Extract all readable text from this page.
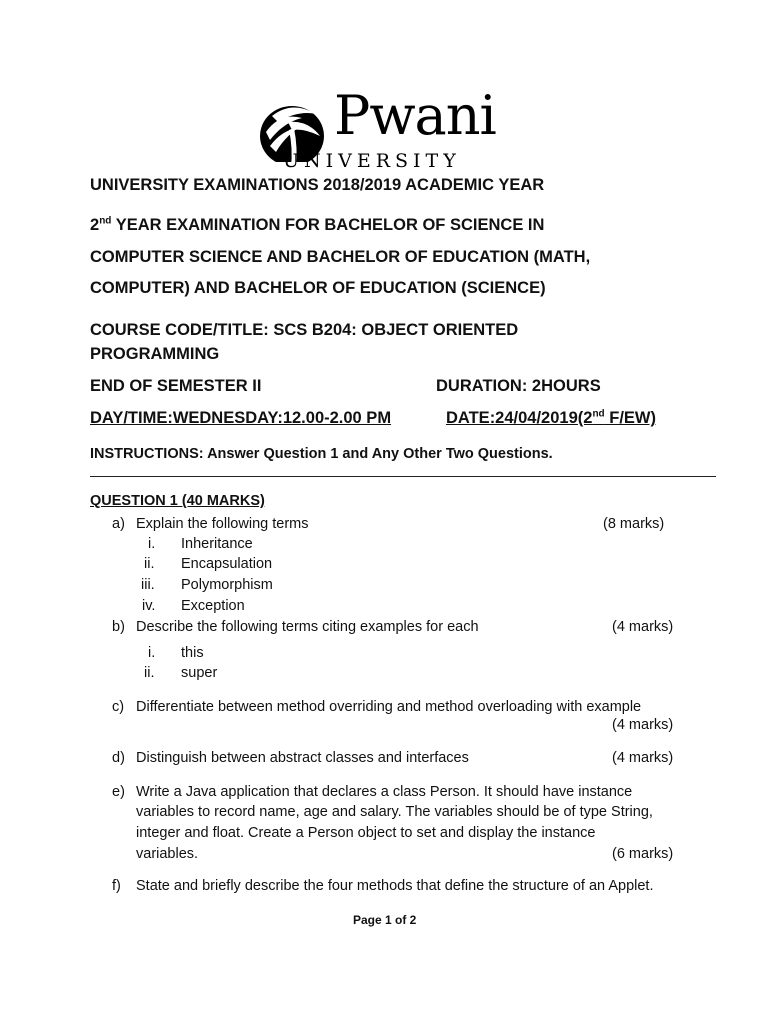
Pwani
UNIVERSITY
UNIVERSITY EXAMINATIONS 2018/2019 ACADEMIC YEAR
2nd YEAR EXAMINATION FOR BACHELOR OF SCIENCE IN
COMPUTER SCIENCE AND BACHELOR OF EDUCATION (MATH,
COMPUTER) AND BACHELOR OF EDUCATION (SCIENCE)
COURSE CODE/TITLE: SCS B204: OBJECT ORIENTED
PROGRAMMING
END OF SEMESTER II	DURATION: 2HOURS
DAY/TIME:WEDNESDAY:12.00-2.00 PM	DATE:24/04/2019(2nd F/EW)
INSTRUCTIONS: Answer Question 1 and Any Other Two Questions.
QUESTION 1 (40 MARKS)
a) Explain the following terms	(8 marks)
i. Inheritance
ii. Encapsulation
iii. Polymorphism
iv. Exception
b) Describe the following terms citing examples for each	(4 marks)
i. this
ii. super
c) Differentiate between method overriding and method overloading with example
(4 marks)
d) Distinguish between abstract classes and interfaces	(4 marks)
e) Write a Java application that declares a class Person. It should have instance
variables to record name, age and salary. The variables should be of type String,
integer and float. Create a Person object to set and display the instance
variables.	(6 marks)
f) State and briefly describe the four methods that define the structure of an Applet.
Page 1 of 2
